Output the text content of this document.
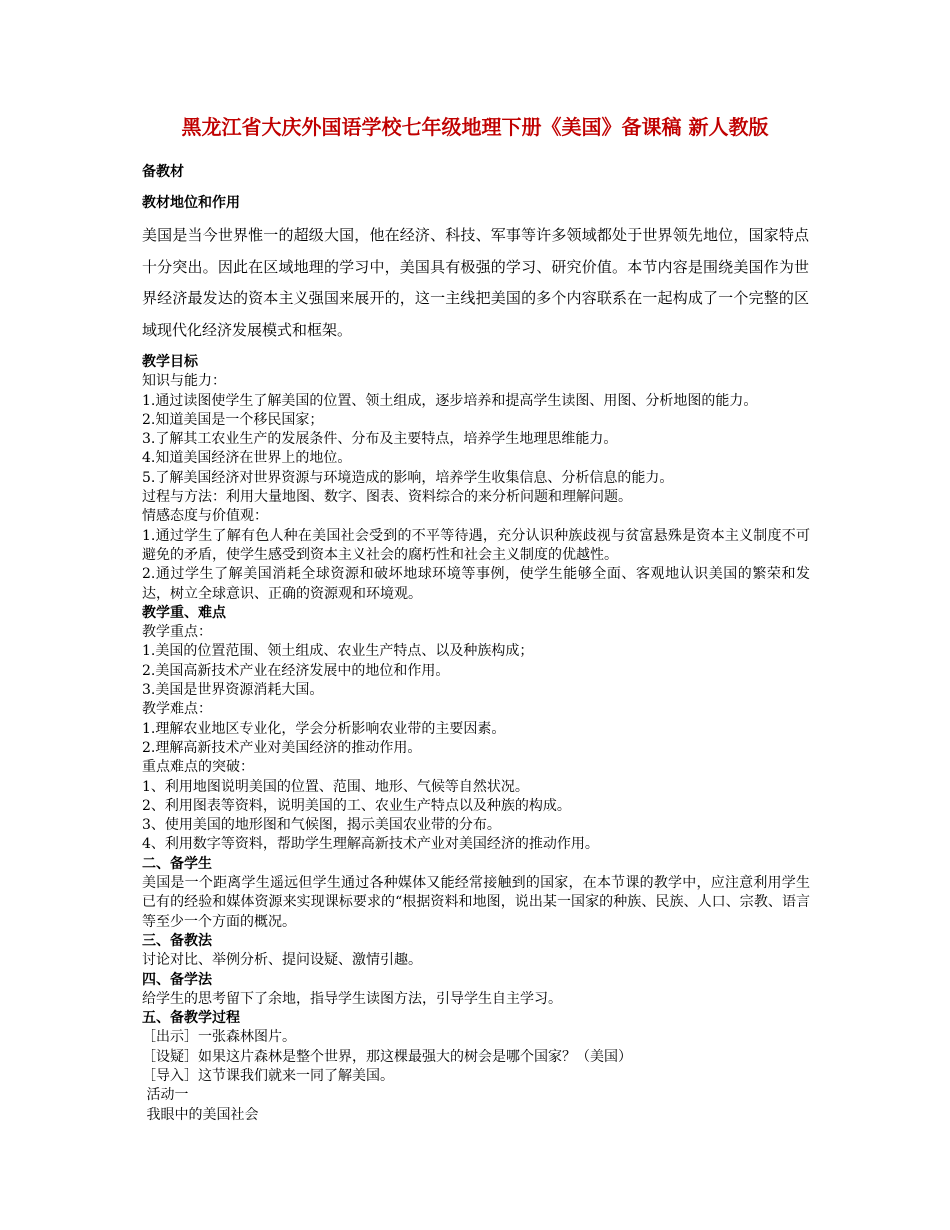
黑龙江省大庆外国语学校七年级地理下册《美国》备课稿 新人教版
备教材
教材地位和作用
美国是当今世界惟一的超级大国，他在经济、科技、军事等许多领域都处于世界领先地位，国家特点十分突出。因此在区域地理的学习中，美国具有极强的学习、研究价值。本节内容是围绕美国作为世界经济最发达的资本主义强国来展开的，这一主线把美国的多个内容联系在一起构成了一个完整的区域现代化经济发展模式和框架。
教学目标
知识与能力：
1.通过读图使学生了解美国的位置、领土组成，逐步培养和提高学生读图、用图、分析地图的能力。
2.知道美国是一个移民国家；
3.了解其工农业生产的发展条件、分布及主要特点，培养学生地理思维能力。
4.知道美国经济在世界上的地位。
5.了解美国经济对世界资源与环境造成的影响，培养学生收集信息、分析信息的能力。
过程与方法：利用大量地图、数字、图表、资料综合的来分析问题和理解问题。
情感态度与价值观：
1.通过学生了解有色人种在美国社会受到的不平等待遇，充分认识种族歧视与贫富悬殊是资本主义制度不可避免的矛盾，使学生感受到资本主义社会的腐朽性和社会主义制度的优越性。
2.通过学生了解美国消耗全球资源和破坏地球环境等事例，使学生能够全面、客观地认识美国的繁荣和发达，树立全球意识、正确的资源观和环境观。
教学重、难点
教学重点：
1.美国的位置范围、领土组成、农业生产特点、以及种族构成；
2.美国高新技术产业在经济发展中的地位和作用。
3.美国是世界资源消耗大国。
教学难点：
1.理解农业地区专业化，学会分析影响农业带的主要因素。
2.理解高新技术产业对美国经济的推动作用。
重点难点的突破：
1、利用地图说明美国的位置、范围、地形、气候等自然状况。
2、利用图表等资料，说明美国的工、农业生产特点以及种族的构成。
3、使用美国的地形图和气候图，揭示美国农业带的分布。
4、利用数字等资料，帮助学生理解高新技术产业对美国经济的推动作用。
二、备学生
美国是一个距离学生遥远但学生通过各种媒体又能经常接触到的国家，在本节课的教学中，应注意利用学生已有的经验和媒体资源来实现课标要求的“根据资料和地图，说出某一国家的种族、民族、人口、宗教、语言等至少一个方面的概况。
三、备教法
讨论对比、举例分析、提问设疑、激情引趣。
四、备学法
给学生的思考留下了余地，指导学生读图方法，引导学生自主学习。
五、备教学过程
［出示］一张森林图片。
［设疑］如果这片森林是整个世界，那这棵最强大的树会是哪个国家？（美国）
［导入］这节课我们就来一同了解美国。
活动一
我眼中的美国社会
